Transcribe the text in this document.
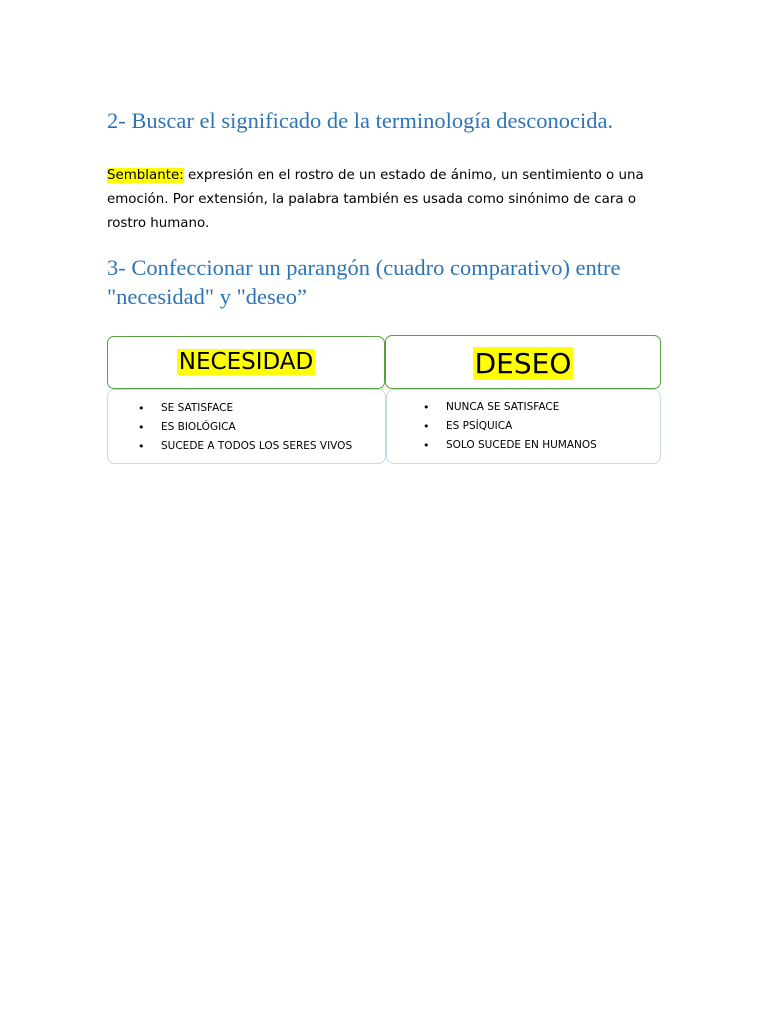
2- Buscar el significado de la terminología desconocida.

Semblante: expresión en el rostro de un estado de ánimo, un sentimiento o una emoción. Por extensión, la palabra también es usada como sinónimo de cara o rostro humano.

3- Confeccionar un parangón (cuadro comparativo) entre "necesidad" y "deseo”
NECESIDAD	DESEO
• SE SATISFACE
• ES BIOLÓGICA
• SUCEDE A TODOS LOS SERES VIVOS
• NUNCA SE SATISFACE
• ES PSÍQUICA
• SOLO SUCEDE EN HUMANOS
